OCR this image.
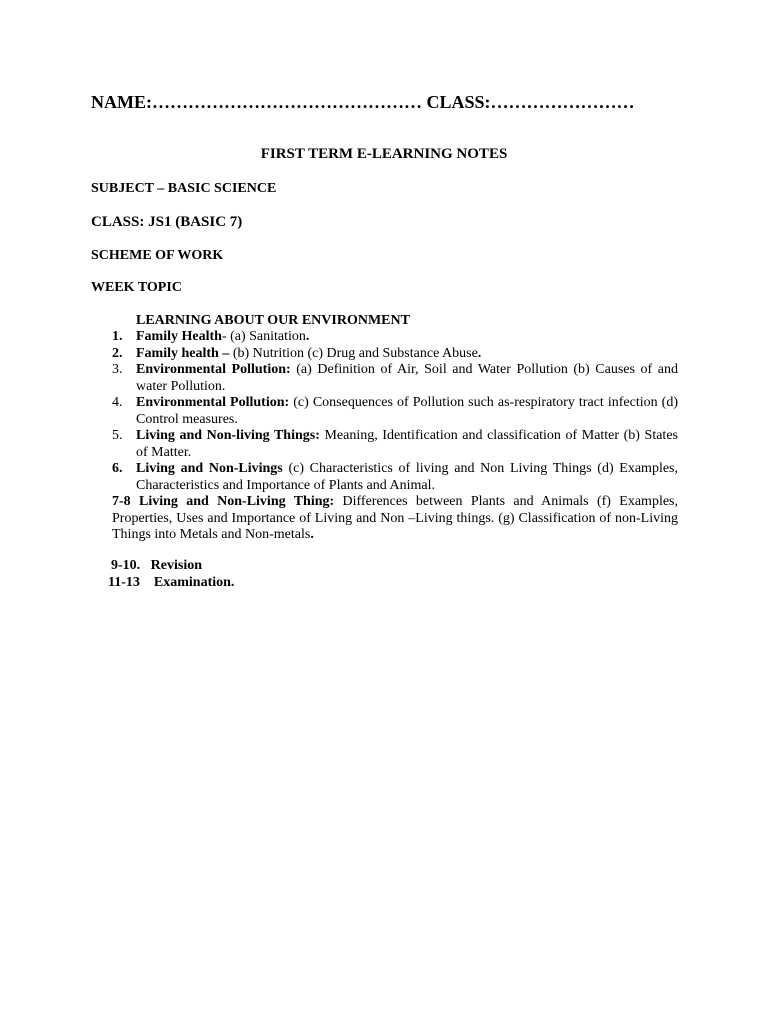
NAME:……………………………………… CLASS:……………………
FIRST TERM E-LEARNING NOTES
SUBJECT – BASIC SCIENCE
CLASS: JS1 (BASIC 7)
SCHEME OF WORK
WEEK TOPIC
LEARNING ABOUT OUR ENVIRONMENT
1. Family Health- (a) Sanitation.
2. Family health – (b) Nutrition (c) Drug and Substance Abuse.
3. Environmental Pollution: (a) Definition of Air, Soil and Water Pollution (b) Causes of and water Pollution.
4. Environmental Pollution: (c) Consequences of Pollution such as-respiratory tract infection (d) Control measures.
5. Living and Non-living Things: Meaning, Identification and classification of Matter (b) States of Matter.
6. Living and Non-Livings (c) Characteristics of living and Non Living Things (d) Examples, Characteristics and Importance of Plants and Animal.
7-8 Living and Non-Living Thing: Differences between Plants and Animals (f) Examples, Properties, Uses and Importance of Living and Non –Living things. (g) Classification of non-Living Things into Metals and Non-metals.
9-10.   Revision
11-13    Examination.
